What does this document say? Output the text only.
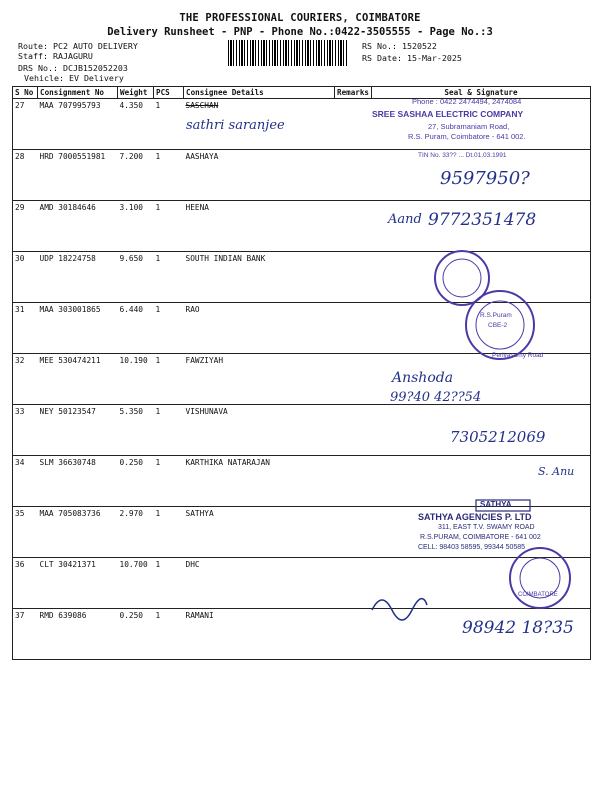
THE PROFESSIONAL COURIERS, COIMBATORE
Delivery Runsheet - PNP - Phone No.:0422-3505555 - Page No.:3
Route: PC2 AUTO DELIVERY
Staff: RAJAGURU
DRS No.: DCJB152052203
Vehicle: EV Delivery
RS No.: 1520522
RS Date: 15-Mar-2025
S No	Consignment No	Weight	PCS	Consignee Details	Remarks	Seal & Signature
27	MAA 707995793	4.350	1	SASCHAN		
28	HRD 7000551981	7.200	1	AASHAYA		
29	AMD 30184646	3.100	1	HEENA		
30	UDP 18224758	9.650	1	SOUTH INDIAN BANK		
31	MAA 303001865	6.440	1	RAO		
32	MEE 530474211	10.190	1	FAWZIYAH		
33	NEY 50123547	5.350	1	VISHUNAVA		
34	SLM 36630748	0.250	1	KARTHIKA NATARAJAN		
35	MAA 705083736	2.970	1	SATHYA		
36	CLT 30421371	10.700	1	DHC		
37	RMD 639086	0.250	1	RAMANI		
sathri saranjee
Phone : 0422 2474494, 2474084
SREE SASHAA ELECTRIC COMPANY
27, Subramaniam Road,
R.S. Puram, Coimbatore - 641 002.
TIN No. 33?? ... Dt.01.03.1991
9597950?
Aand 9772351478
R.S.Puram
CBE-2
Periyasamy Road
Anshoda
99?40 42??54
7305212069
S. Anu
SATHYA
SATHYA AGENCIES P. LTD
311, EAST T.V. SWAMY ROAD
R.S.PURAM, COIMBATORE - 641 002
CELL: 98403 58595, 99344 50585
COIMBATORE
98942 18?35
